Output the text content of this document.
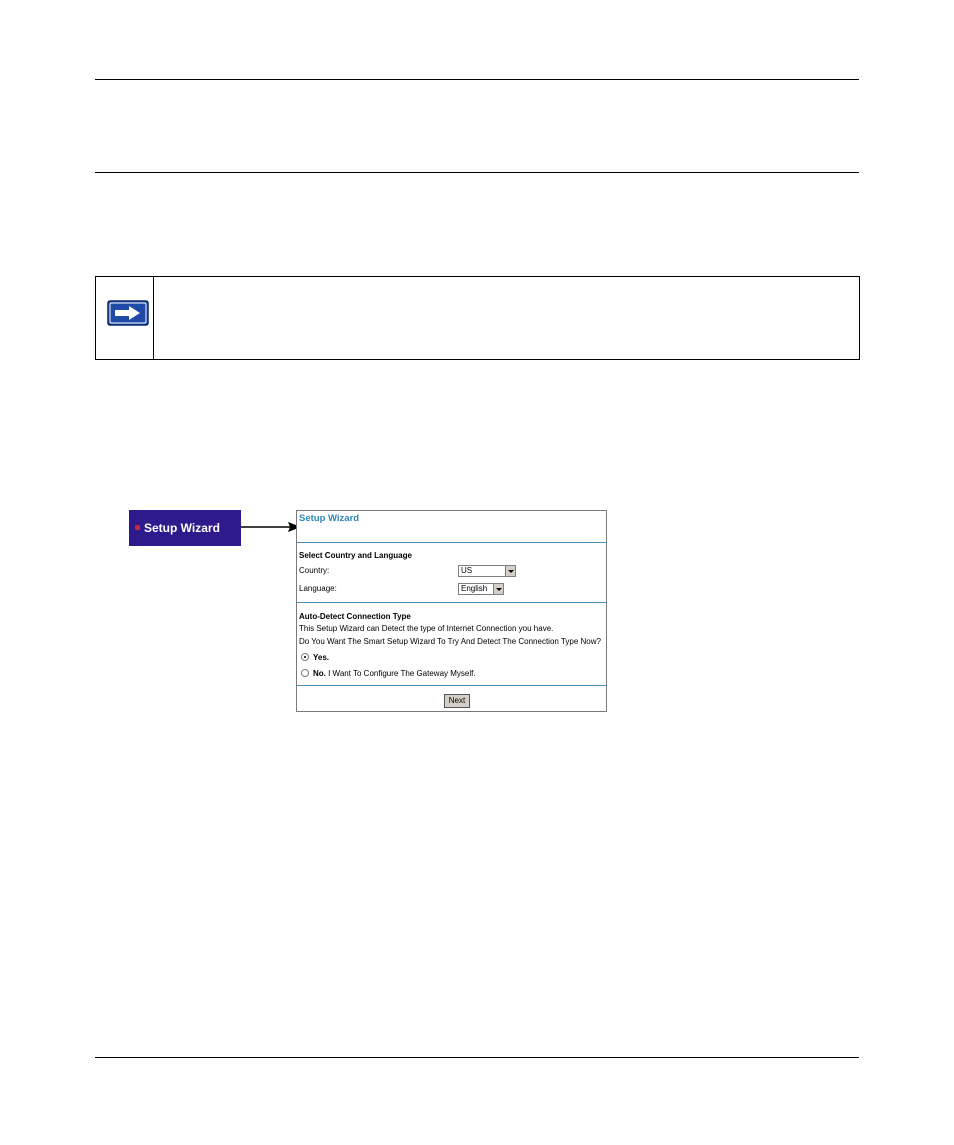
Setup Wizard
Setup Wizard
Select Country and Language
Country:	US
Language:	English
Auto-Detect Connection Type
This Setup Wizard can Detect the type of Internet Connection you have.
Do You Want The Smart Setup Wizard To Try And Detect The Connection Type Now?
Yes.
No. I Want To Configure The Gateway Myself.
Next
